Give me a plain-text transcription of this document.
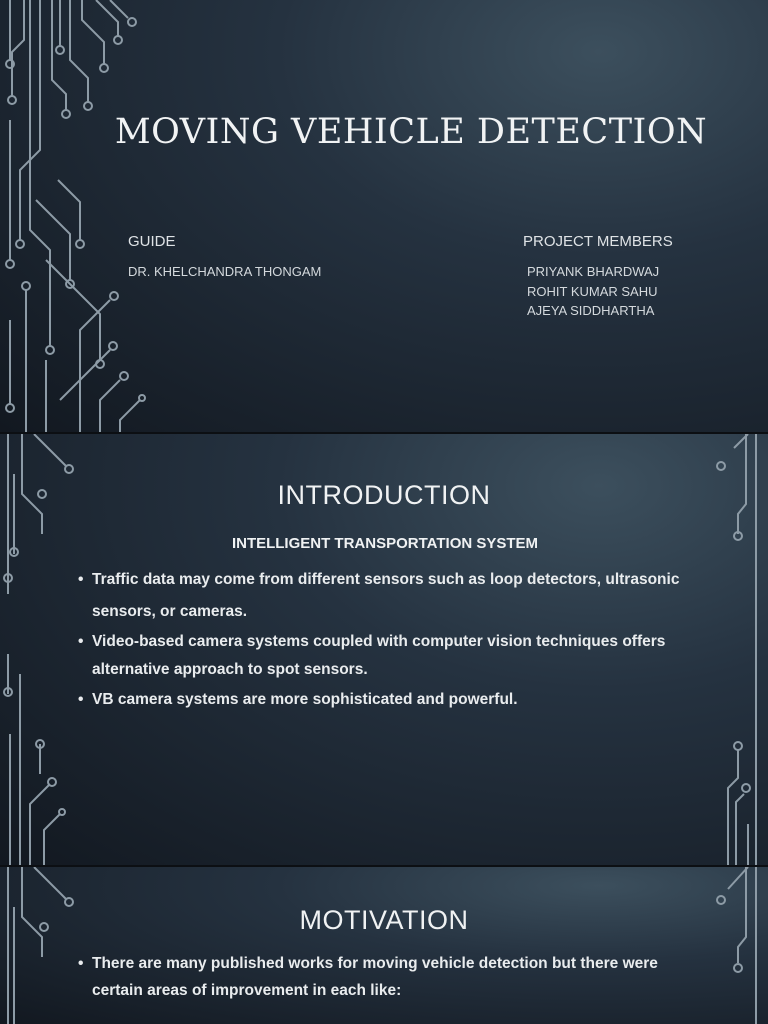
MOVING VEHICLE DETECTION
GUIDE
DR. KHELCHANDRA THONGAM
PROJECT MEMBERS
PRIYANK BHARDWAJ
ROHIT KUMAR SAHU
AJEYA SIDDHARTHA
INTRODUCTION
INTELLIGENT TRANSPORTATION SYSTEM
• Traffic data may come from different sensors such as loop detectors, ultrasonic
sensors, or cameras.
• Video-based camera systems coupled with computer vision techniques offers
alternative approach to spot sensors.
• VB camera systems are more sophisticated and powerful.
MOTIVATION
• There are many published works for moving vehicle detection but there were
certain areas of improvement in each like:
